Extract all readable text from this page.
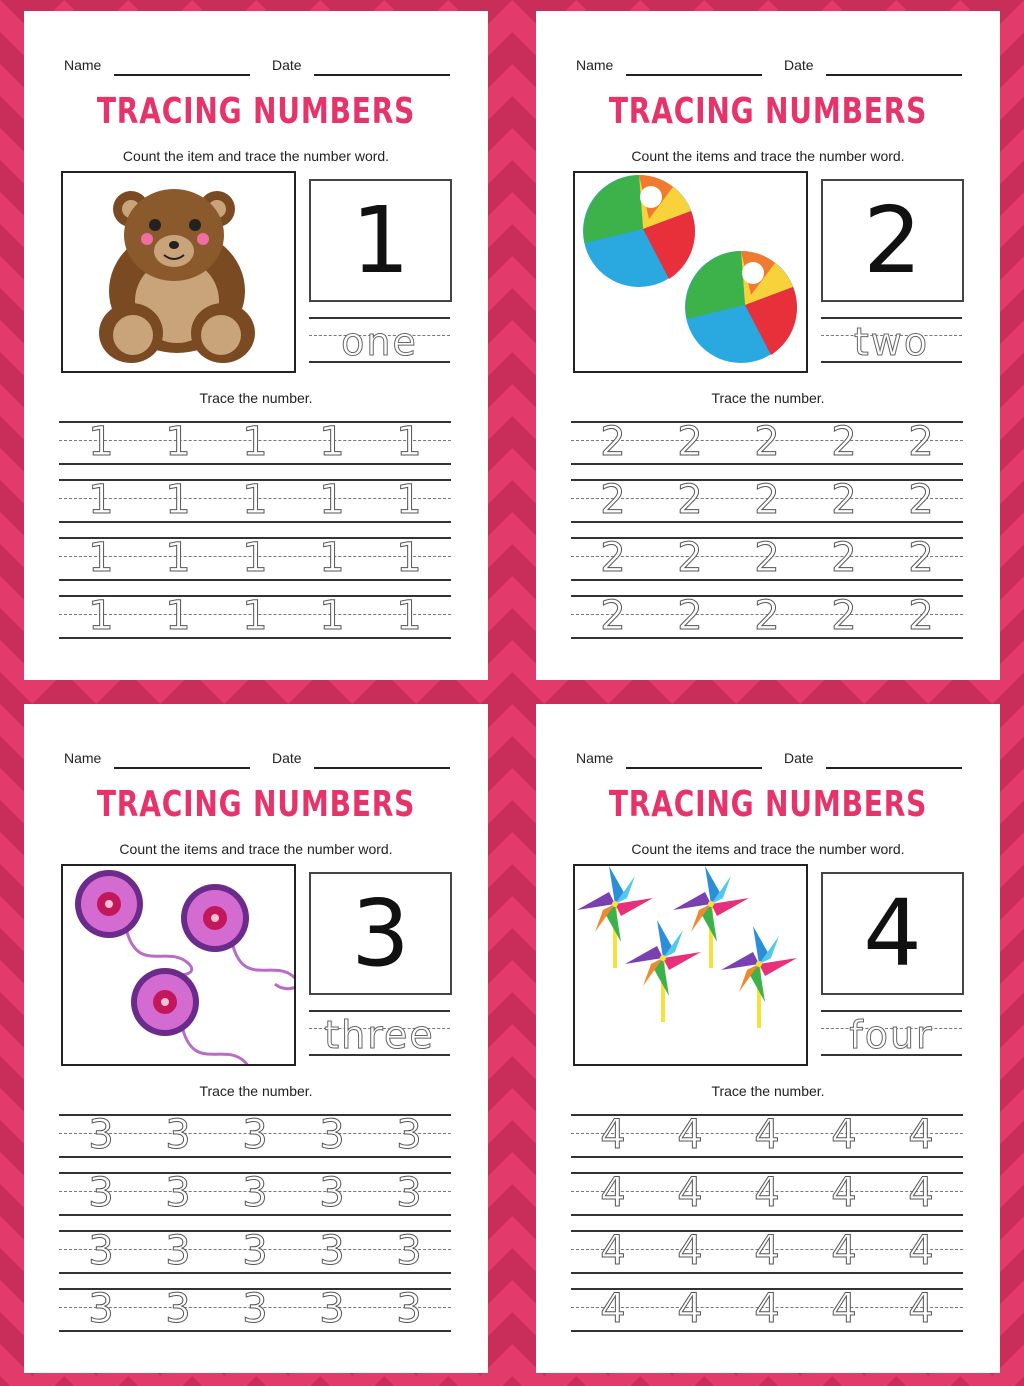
Name	Date
TRACING NUMBERS
Count the item and trace the number word.
1
one
Trace the number.
1 1 1 1 1
1 1 1 1 1
1 1 1 1 1
1 1 1 1 1
Name	Date
TRACING NUMBERS
Count the items and trace the number word.
2
two
Trace the number.
2 2 2 2 2
2 2 2 2 2
2 2 2 2 2
2 2 2 2 2
Name	Date
TRACING NUMBERS
Count the items and trace the number word.
3
three
Trace the number.
3 3 3 3 3
3 3 3 3 3
3 3 3 3 3
3 3 3 3 3
Name	Date
TRACING NUMBERS
Count the items and trace the number word.
4
four
Trace the number.
4 4 4 4 4
4 4 4 4 4
4 4 4 4 4
4 4 4 4 4
